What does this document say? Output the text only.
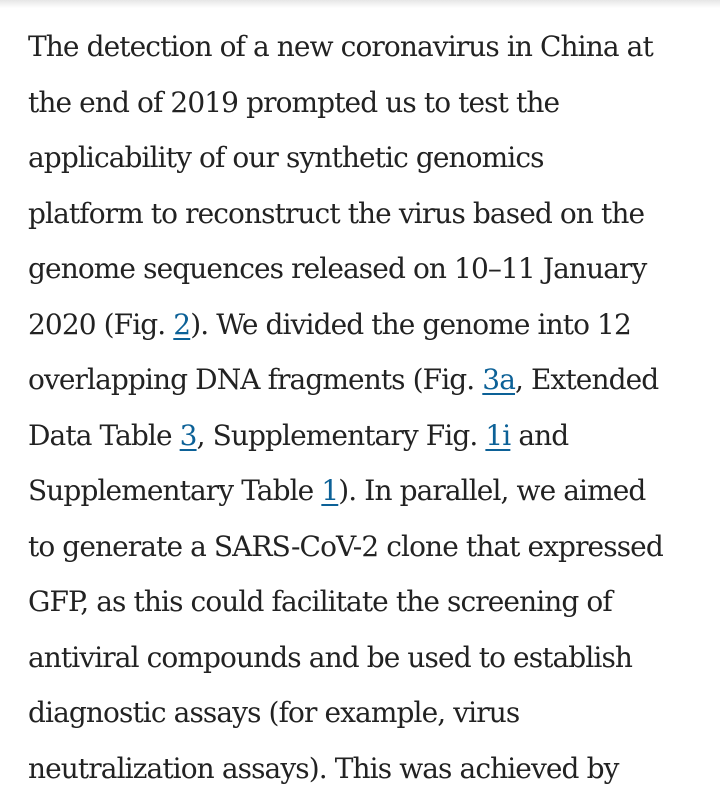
The detection of a new coronavirus in China at
the end of 2019 prompted us to test the
applicability of our synthetic genomics
platform to reconstruct the virus based on the
genome sequences released on 10–11 January
2020 (Fig. 2). We divided the genome into 12
overlapping DNA fragments (Fig. 3a, Extended
Data Table 3, Supplementary Fig. 1i and
Supplementary Table 1). In parallel, we aimed
to generate a SARS-CoV-2 clone that expressed
GFP, as this could facilitate the screening of
antiviral compounds and be used to establish
diagnostic assays (for example, virus
neutralization assays). This was achieved by
